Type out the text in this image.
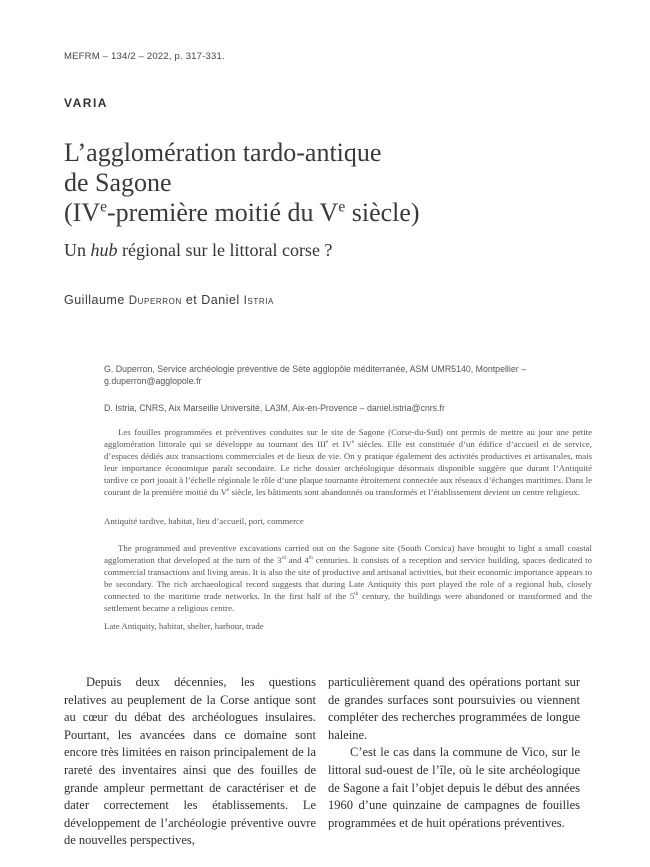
MEFRM – 134/2 – 2022, p. 317-331.
VARIA
L’agglomération tardo-antique
de Sagone
(IVe-première moitié du Ve siècle)
Un hub régional sur le littoral corse ?
Guillaume Duperron et Daniel Istria
G. Duperron, Service archéologie préventive de Sète agglopôle méditerranée, ASM UMR5140, Montpellier – g.duperron@agglopole.fr
D. Istria, CNRS, Aix Marseille Université, LA3M, Aix-en-Provence – daniel.istria@cnrs.fr

Les fouilles programmées et préventives conduites sur le site de Sagone (Corse-du-Sud) ont permis de mettre au jour une petite agglomération littorale qui se développe au tournant des IIIe et IVe siècles. Elle est constituée d’un édifice d’accueil et de service, d’espaces dédiés aux transactions commerciales et de lieux de vie. On y pratique également des activités productives et artisanales, mais leur importance économique paraît secondaire. Le riche dossier archéologique désormais disponible suggère que durant l’Antiquité tardive ce port jouait à l’échelle régionale le rôle d’une plaque tournante étroitement connectée aux réseaux d’échanges maritimes. Dans le courant de la première moitié du Ve siècle, les bâtiments sont abandonnés ou transformés et l’établissement devient un centre religieux.

Antiquité tardive, habitat, lieu d’accueil, port, commerce

The programmed and preventive excavations carried out on the Sagone site (South Corsica) have brought to light a small coastal agglomeration that developed at the turn of the 3rd and 4th centuries. It consists of a reception and service building, spaces dedicated to commercial transactions and living areas. It is also the site of productive and artisanal activities, but their economic importance appears to be secondary. The rich archaeological record suggests that during Late Antiquity this port played the role of a regional hub, closely connected to the maritime trade networks. In the first half of the 5th century, the buildings were abandoned or transformed and the settlement became a religious centre.

Late Antiquity, habitat, shelter, harbour, trade

Depuis deux décennies, les questions relatives au peuplement de la Corse antique sont au cœur du débat des archéologues insulaires. Pourtant, les avancées dans ce domaine sont encore très limitées en raison principalement de la rareté des inventaires ainsi que des fouilles de grande ampleur permettant de caractériser et de dater correctement les établissements. Le développement de l’archéologie préventive ouvre de nouvelles perspectives,

particulièrement quand des opérations portant sur de grandes surfaces sont poursuivies ou viennent compléter des recherches programmées de longue haleine.

C’est le cas dans la commune de Vico, sur le littoral sud-ouest de l’île, où le site archéologique de Sagone a fait l’objet depuis le début des années 1960 d’une quinzaine de campagnes de fouilles programmées et de huit opérations préventives.
